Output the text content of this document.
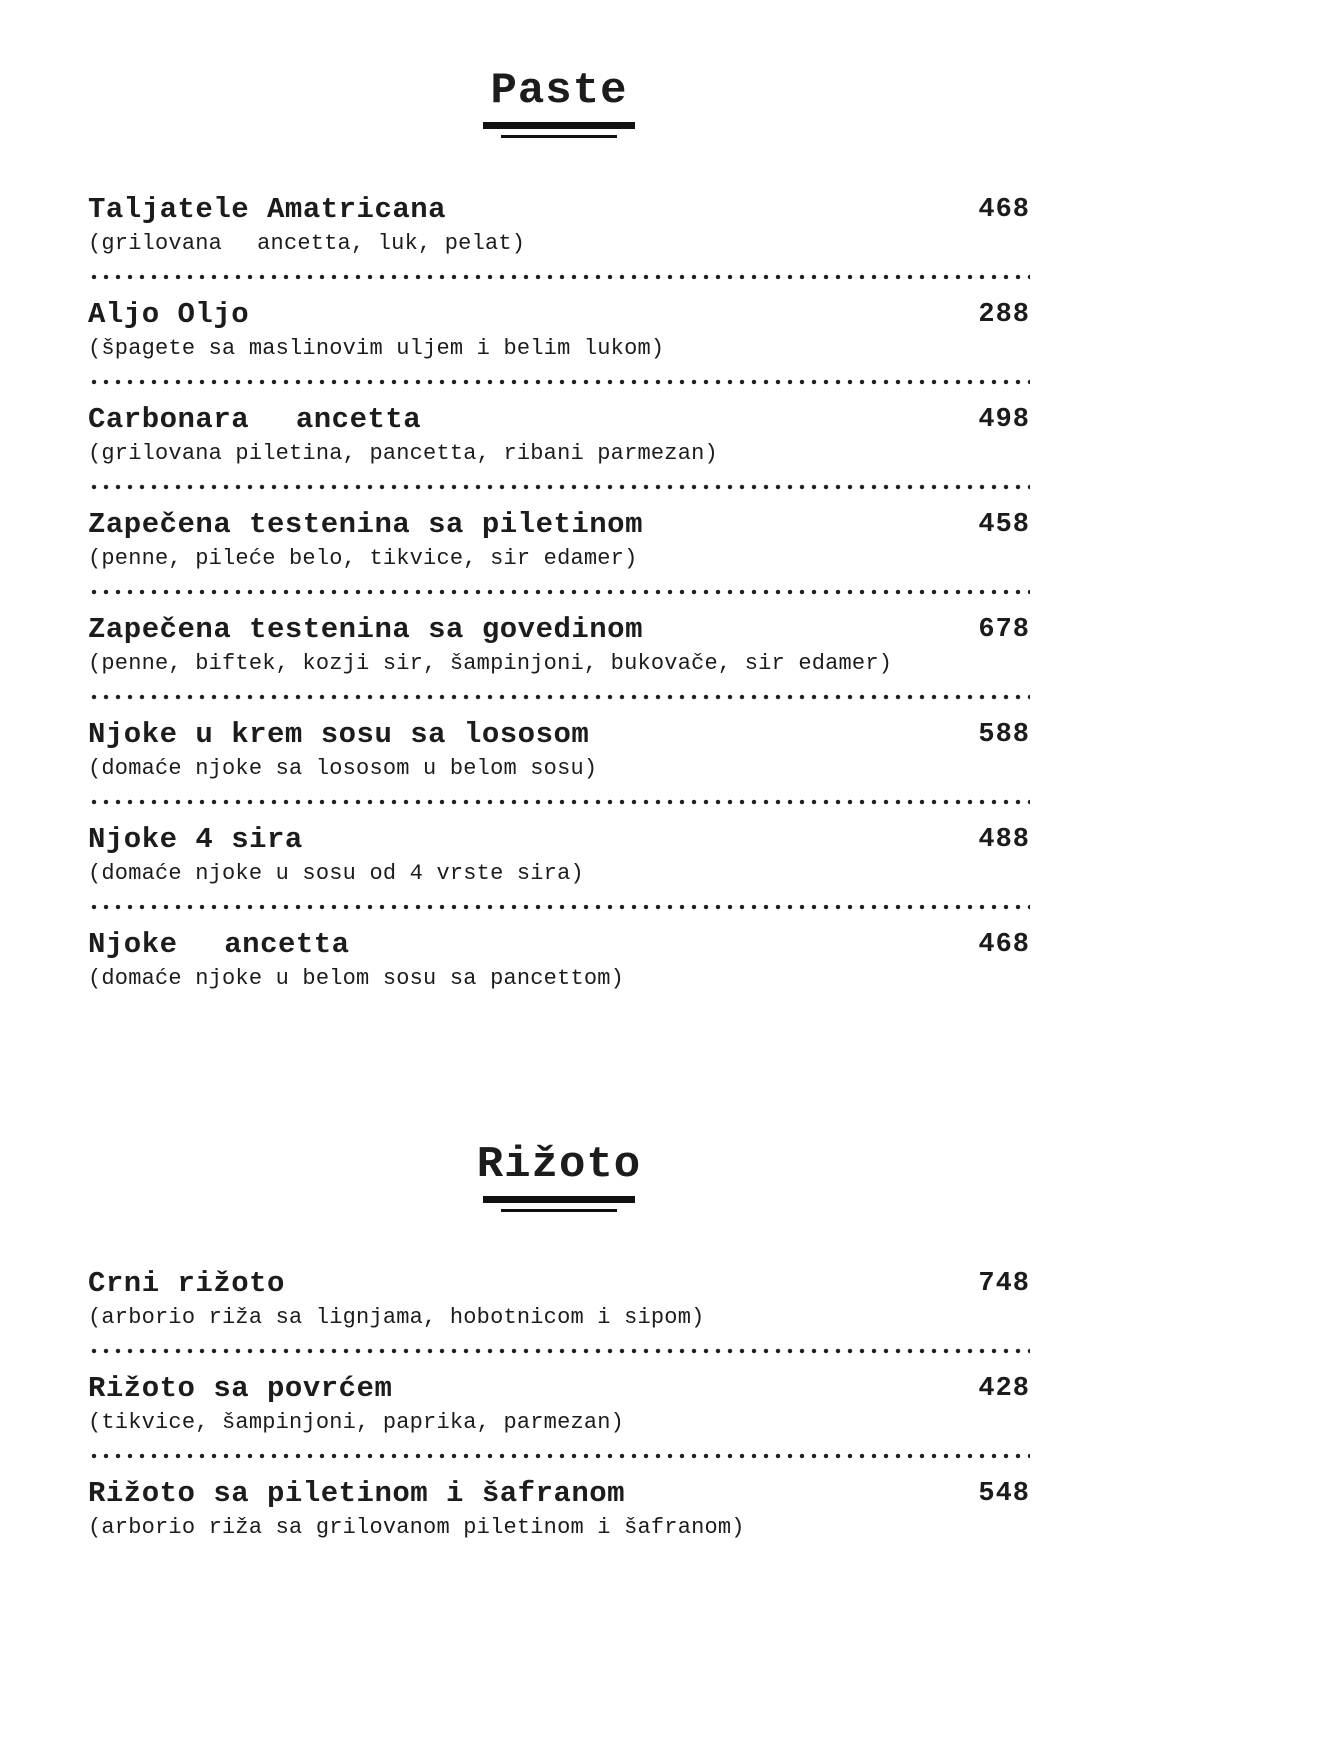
Paste
Taljatele Amatricana	468
(grilovana Pancetta, luk, pelat)
Aljo Oljo	288
(špagete sa maslinovim uljem i belim lukom)
Carbonara Pancetta	498
(grilovana piletina, pancetta, ribani parmezan)
Zapečena testenina sa piletinom	458
(penne, pileće belo, tikvice, sir edamer)
Zapečena testenina sa govedinom	678
(penne, biftek, kozji sir, šampinjoni, bukovače, sir edamer)
Njoke u krem sosu sa lososom	588
(domaće njoke sa lososom u belom sosu)
Njoke 4 sira	488
(domaće njoke u sosu od 4 vrste sira)
Njoke Pancetta	468
(domaće njoke u belom sosu sa pancettom)
Rižoto
Crni rižoto	748
(arborio riža sa lignjama, hobotnicom i sipom)
Rižoto sa povrćem	428
(tikvice, šampinjoni, paprika, parmezan)
Rižoto sa piletinom i šafranom	548
(arborio riža sa grilovanom piletinom i šafranom)
